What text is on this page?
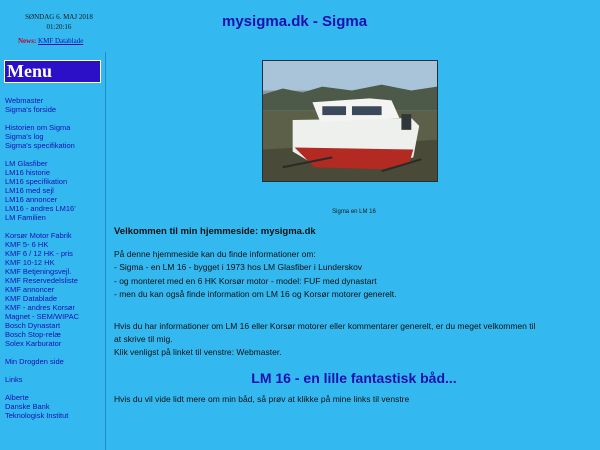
SØNDAG 6. MAJ 2018
01:20:16
News: KMF Datablade
mysigma.dk - Sigma
Menu
Webmaster
Sigma's forside
Historien om Sigma
Sigma's log
Sigma's specifikation
LM Glasfiber
LM16 historie
LM16 specifikation
LM16 med sejl
LM16 annoncer
LM16 - andres LM16'
LM Familien
Korsør Motor Fabrik
KMF 5- 6 HK
KMF 6 / 12 HK - pris
KMF 10-12 HK
KMF Betjeningsvejl.
KMF Reservedelsliste
KMF annoncer
KMF Datablade
KMF - andres Korsør
Magnet - SEM/WIPAC
Bosch Dynastart
Bosch Stop-relæ
Solex Karburator
Min Drogden side
Links
Alberte
Danske Bank
Teknologisk Institut
Sigma en LM 16
Velkommen til min hjemmeside: mysigma.dk

På denne hjemmeside kan du finde informationer om:

- Sigma - en LM 16 - bygget i 1973 hos LM Glasfiber i Lunderskov

- og monteret med en 6 HK Korsør motor - model: FUF med dynastart

- men du kan også finde information om LM 16 og Korsør motorer generelt.

Hvis du har informationer om LM 16 eller Korsør motorer eller kommentarer generelt, er du meget velkommen til

at skrive til mig.

Klik venligst på linket til venstre: Webmaster.

LM 16 - en lille fantastisk båd...
Hvis du vil vide lidt mere om min båd, så prøv at klikke på mine links til venstre
